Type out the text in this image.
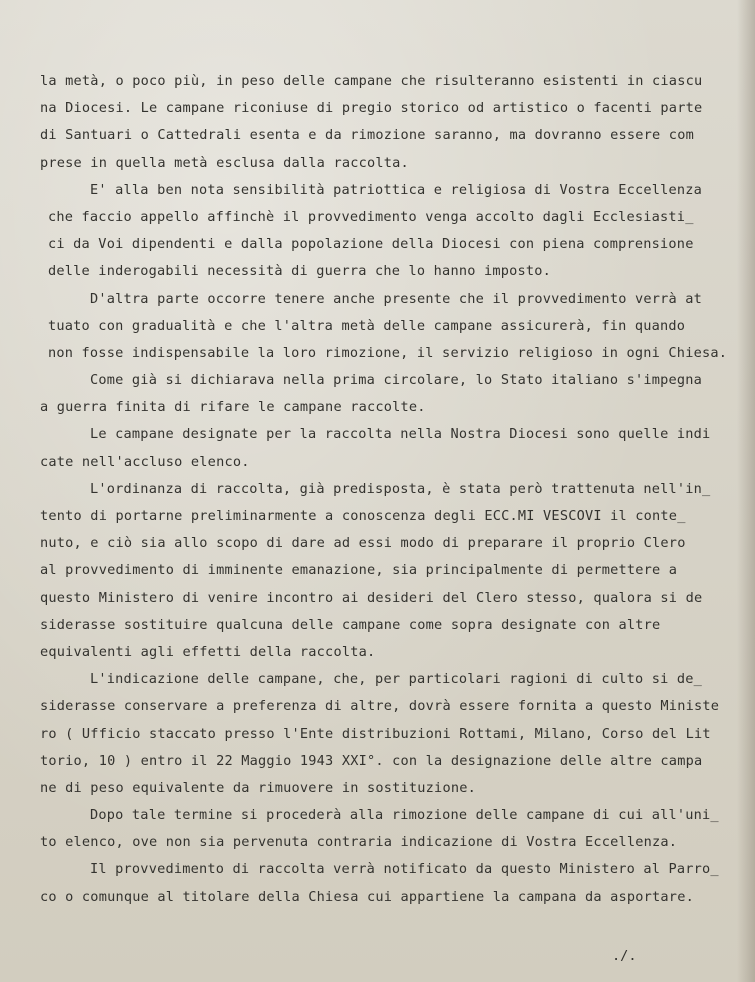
la metà, o poco più, in peso delle campane che risulteranno esistenti in ciascu
na Diocesi. Le campane riconiuse di pregio storico od artistico o facenti parte
di Santuari o Cattedrali esenta e da rimozione saranno, ma dovranno essere com
prese in quella metà esclusa dalla raccolta.
E' alla ben nota sensibilità patriottica e religiosa di Vostra Eccellenza
che faccio appello affinchè il provvedimento venga accolto dagli Ecclesiasti_
ci da Voi dipendenti e dalla popolazione della Diocesi con piena comprensione
delle inderogabili necessità di guerra che lo hanno imposto.
D'altra parte occorre tenere anche presente che il provvedimento verrà at
tuato con gradualità e che l'altra metà delle campane assicurerà, fin quando
non fosse indispensabile la loro rimozione, il servizio religioso in ogni Chiesa.
Come già si dichiarava nella prima circolare, lo Stato italiano s'impegna
a guerra finita di rifare le campane raccolte.
Le campane designate per la raccolta nella Nostra Diocesi sono quelle indi
cate nell'accluso elenco.
L'ordinanza di raccolta, già predisposta, è stata però trattenuta nell'in_
tento di portarne preliminarmente a conoscenza degli ECC.MI VESCOVI il conte_
nuto, e ciò sia allo scopo di dare ad essi modo di preparare il proprio Clero
al provvedimento di imminente emanazione, sia principalmente di permettere a
questo Ministero di venire incontro ai desideri del Clero stesso, qualora si de
siderasse sostituire qualcuna delle campane come sopra designate con altre
equivalenti agli effetti della raccolta.
L'indicazione delle campane, che, per particolari ragioni di culto si de_
siderasse conservare a preferenza di altre, dovrà essere fornita a questo Ministe
ro ( Ufficio staccato presso l'Ente distribuzioni Rottami, Milano, Corso del Lit
torio, 10 ) entro il 22 Maggio 1943 XXI°. con la designazione delle altre campa
ne di peso equivalente da rimuovere in sostituzione.
Dopo tale termine si procederà alla rimozione delle campane di cui all'uni_
to elenco, ove non sia pervenuta contraria indicazione di Vostra Eccellenza.
Il provvedimento di raccolta verrà notificato da questo Ministero al Parro_
co o comunque al titolare della Chiesa cui appartiene la campana da asportare.
./.
